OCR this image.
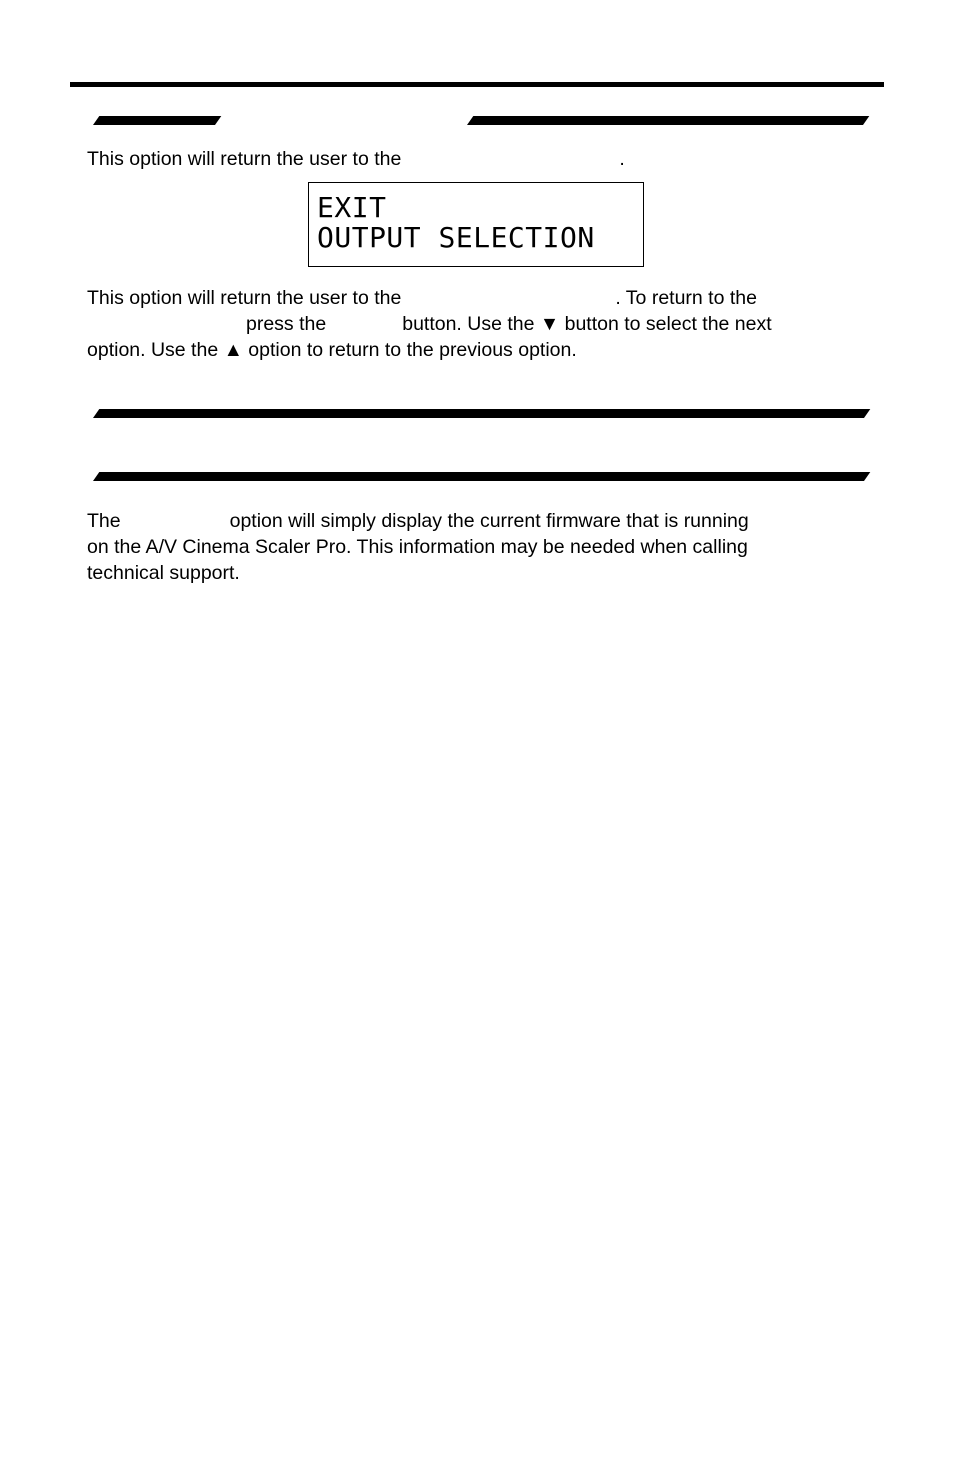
This option will return the user to the	.

EXIT
OUTPUT SELECTION

This option will return the user to the	. To return to the
press the	button. Use the ▼ button to select the next
option. Use the ▲ option to return to the previous option.

The	option will simply display the current firmware that is running
on the A/V Cinema Scaler Pro. This information may be needed when calling
technical support.
